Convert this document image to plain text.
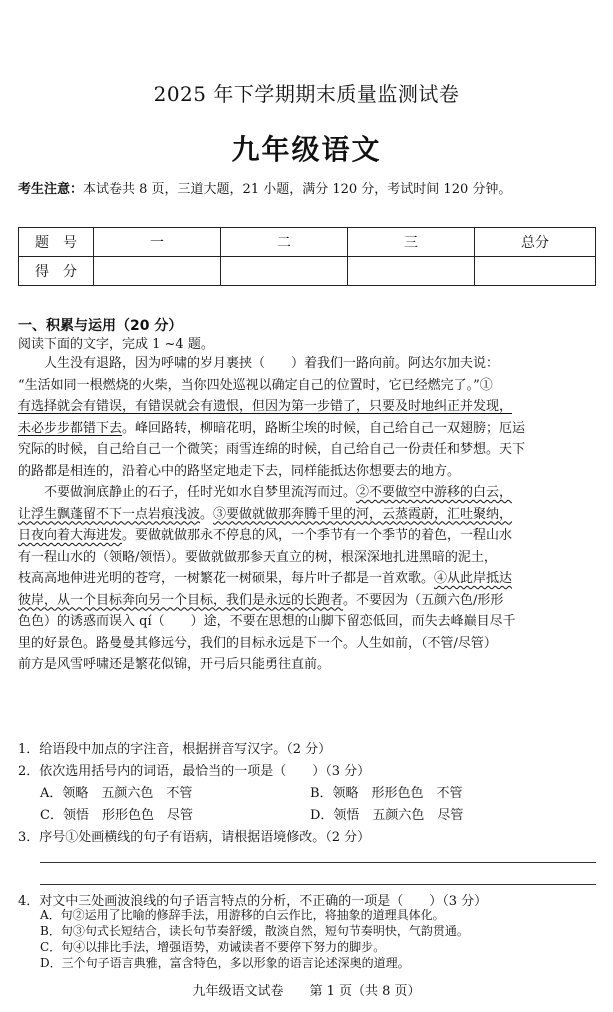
2025 年下学期期末质量监测试卷
九年级语文
考生注意：本试卷共 8 页，三道大题，21 小题，满分 120 分，考试时间 120 分钟。
题　号	一	二	三	总分
得　分				
一、积累与运用（20 分）
阅读下面的文字，完成 1 ~4 题。

人生没有退路，因为呼啸的岁月裹挟（　　）着我们一路向前。阿达尔加夫说：

“生活如同一根燃烧的火柴，当你四处巡视以确定自己的位置时，它已经燃完了。”①

有选择就会有错误，有错误就会有遗恨，但因为第一步错了，只要及时地纠正并发现，

未必步步都错下去。峰回路转，柳暗花明，路断尘埃的时候，自己给自己一双翅膀；厄运

究际的时候，自己给自己一个微笑；雨雪连绵的时候，自己给自己一份责任和梦想。天下

的路都是相连的，沿着心中的路坚定地走下去，同样能抵达你想要去的地方。

不要做涧底静止的石子，任时光如水自梦里流泻而过。②不要做空中游移的白云，

让浮生飘蓬留不下一点岩痕浅波。③要做就做那奔腾千里的河，云蒸霞蔚，汇吐聚纳，

日夜向着大海进发。要做就做那永不停息的风，一个季节有一个季节的着色，一程山水

有一程山水的（领略/领悟）。要做就做那参天直立的树，根深深地扎进黑暗的泥土，

枝高高地伸进光明的苍穹，一树繁花一树硕果，每片叶子都是一首欢歌。④从此岸抵达

彼岸，从一个目标奔向另一个目标，我们是永远的长跑者。不要因为（五颜六色/形形

色色）的诱惑而误入 qí（　　）途，不要在思想的山脚下留恋低回，而失去峰巅目尽千

里的好景色。路曼曼其修远兮，我们的目标永远是下一个。人生如前，（不管/尽管）

前方是风雪呼啸还是繁花似锦，开弓后只能勇往直前。

1．给语段中加点的字注音，根据拼音写汉字。（2 分）
2．依次选用括号内的词语，最恰当的一项是（　　）（3 分）
A．领略　五颜六色　不管	B．领略　形形色色　不管
C．领悟　形形色色　尽管	D．领悟　五颜六色　尽管
3．序号①处画横线的句子有语病，请根据语境修改。（2 分）
4．对文中三处画波浪线的句子语言特点的分析，不正确的一项是（　　）（3 分）
A．句②运用了比喻的修辞手法，用游移的白云作比，将抽象的道理具体化。
B．句③句式长短结合，读长句节奏舒缓，散淡自然，短句节奏明快，气韵贯通。
九年级语文试卷　　第 1 页（共 8 页）
C．句④以排比手法，增强语势，劝诫读者不要停下努力的脚步。
D．三个句子语言典雅，富含特色，多以形象的语言论述深奥的道理。
